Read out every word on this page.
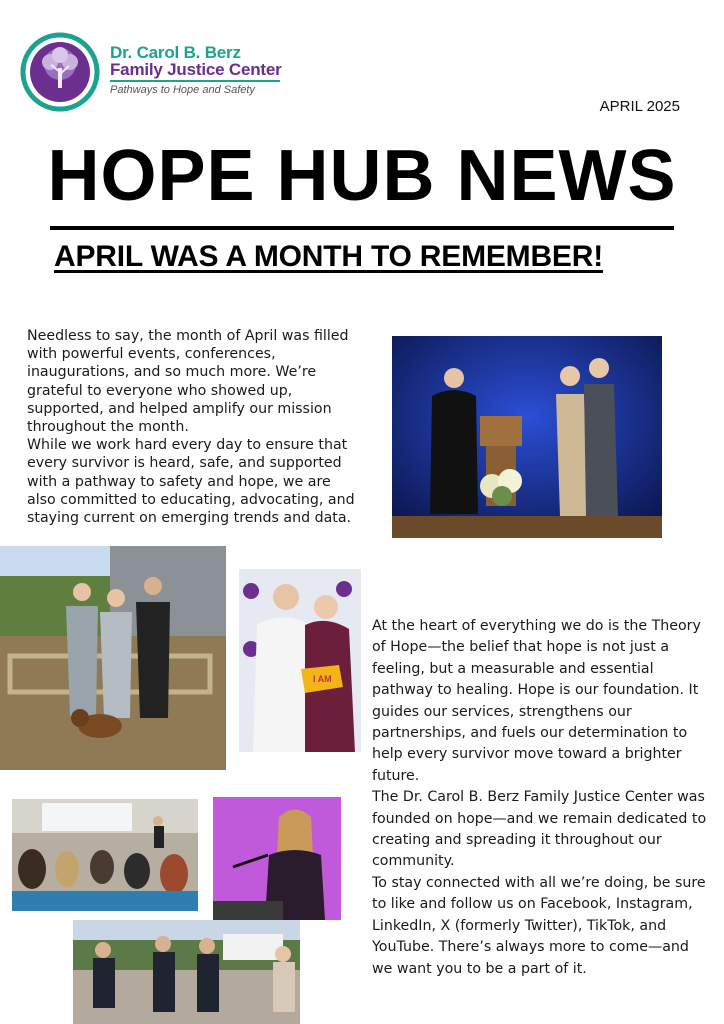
Dr. Carol B. Berz
Family Justice Center
Pathways to Hope and Safety
APRIL 2025
HOPE HUB NEWS
APRIL WAS A MONTH TO REMEMBER!

Needless to say, the month of April was filled with powerful events, conferences, inaugurations, and so much more. We’re grateful to everyone who showed up, supported, and helped amplify our mission throughout the month.

While we work hard every day to ensure that every survivor is heard, safe, and supported with a pathway to safety and hope, we are also committed to educating, advocating, and staying current on emerging trends and data.

I AM

At the heart of everything we do is the Theory of Hope—the belief that hope is not just a feeling, but a measurable and essential pathway to healing. Hope is our foundation. It guides our services, strengthens our partnerships, and fuels our determination to help every survivor move toward a brighter future.

The Dr. Carol B. Berz Family Justice Center was founded on hope—and we remain dedicated to creating and spreading it throughout our community.

To stay connected with all we’re doing, be sure to like and follow us on Facebook, Instagram, LinkedIn, X (formerly Twitter), TikTok, and YouTube. There’s always more to come—and we want you to be a part of it.
